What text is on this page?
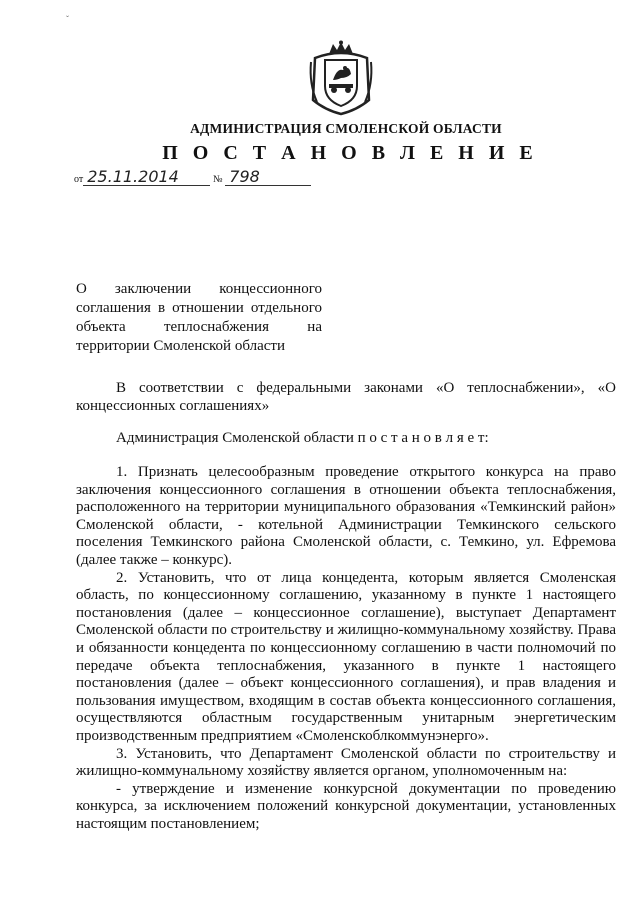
ˇ
АДМИНИСТРАЦИЯ СМОЛЕНСКОЙ ОБЛАСТИ
П О С Т А Н О В Л Е Н И Е
от 25.11.2014	№ 798

О заключении концессионного

соглашения в отношении отдельного

объекта теплоснабжения на

территории Смоленской области

В соответствии с федеральными законами «О теплоснабжении», «О концессионных соглашениях»

Администрация Смоленской области п о с т а н о в л я е т:

1. Признать целесообразным проведение открытого конкурса на право заключения концессионного соглашения в отношении объекта теплоснабжения, расположенного на территории муниципального образования «Темкинский район» Смоленской области, - котельной Администрации Темкинского сельского поселения Темкинского района Смоленской области, с. Темкино, ул. Ефремова (далее также – конкурс).

2. Установить, что от лица концедента, которым является Смоленская область, по концессионному соглашению, указанному в пункте 1 настоящего постановления (далее – концессионное соглашение), выступает Департамент Смоленской области по строительству и жилищно-коммунальному хозяйству. Права и обязанности концедента по концессионному соглашению в части полномочий по передаче объекта теплоснабжения, указанного в пункте 1 настоящего постановления (далее – объект концессионного соглашения), и прав владения и пользования имуществом, входящим в состав объекта концессионного соглашения, осуществляются областным государственным унитарным энергетическим производственным предприятием «Смоленскоблкоммунэнерго».

3. Установить, что Департамент Смоленской области по строительству и жилищно-коммунальному хозяйству является органом, уполномоченным на:

- утверждение и изменение конкурсной документации по проведению конкурса, за исключением положений конкурсной документации, установленных настоящим постановлением;
